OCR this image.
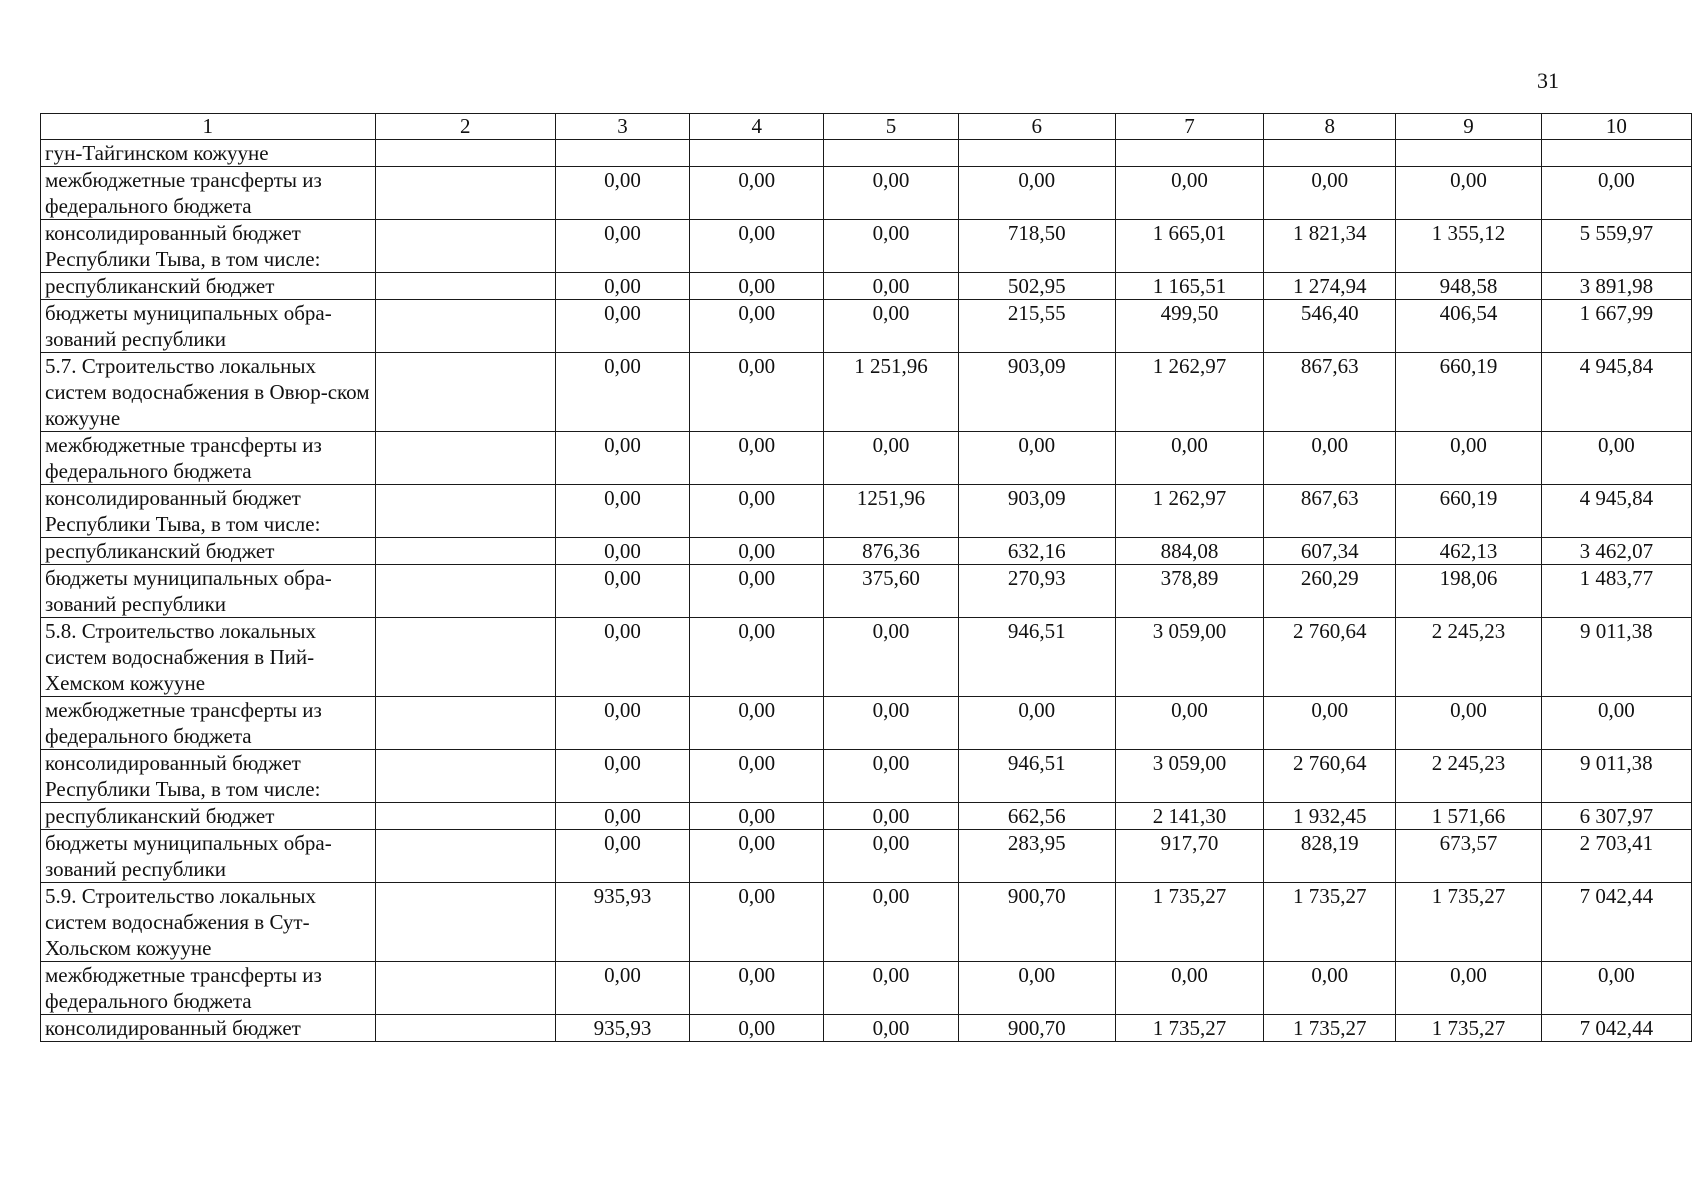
31
1	2	3	4	5	6	7	8	9	10
гун-Тайгинском кожууне									
межбюджетные трансферты из федерального бюджета		0,00	0,00	0,00	0,00	0,00	0,00	0,00	0,00
консолидированный бюджет Республики Тыва, в том числе:		0,00	0,00	0,00	718,50	1 665,01	1 821,34	1 355,12	5 559,97
республиканский бюджет		0,00	0,00	0,00	502,95	1 165,51	1 274,94	948,58	3 891,98
бюджеты муниципальных обра-зований республики		0,00	0,00	0,00	215,55	499,50	546,40	406,54	1 667,99
5.7. Строительство локальных систем водоснабжения в Овюр-ском кожууне		0,00	0,00	1 251,96	903,09	1 262,97	867,63	660,19	4 945,84
межбюджетные трансферты из федерального бюджета		0,00	0,00	0,00	0,00	0,00	0,00	0,00	0,00
консолидированный бюджет Республики Тыва, в том числе:		0,00	0,00	1251,96	903,09	1 262,97	867,63	660,19	4 945,84
республиканский бюджет		0,00	0,00	876,36	632,16	884,08	607,34	462,13	3 462,07
бюджеты муниципальных обра-зований республики		0,00	0,00	375,60	270,93	378,89	260,29	198,06	1 483,77
5.8. Строительство локальных систем водоснабжения в Пий-Хемском кожууне		0,00	0,00	0,00	946,51	3 059,00	2 760,64	2 245,23	9 011,38
межбюджетные трансферты из федерального бюджета		0,00	0,00	0,00	0,00	0,00	0,00	0,00	0,00
консолидированный бюджет Республики Тыва, в том числе:		0,00	0,00	0,00	946,51	3 059,00	2 760,64	2 245,23	9 011,38
республиканский бюджет		0,00	0,00	0,00	662,56	2 141,30	1 932,45	1 571,66	6 307,97
бюджеты муниципальных обра-зований республики		0,00	0,00	0,00	283,95	917,70	828,19	673,57	2 703,41
5.9. Строительство локальных систем водоснабжения в Сут-Хольском кожууне		935,93	0,00	0,00	900,70	1 735,27	1 735,27	1 735,27	7 042,44
межбюджетные трансферты из федерального бюджета		0,00	0,00	0,00	0,00	0,00	0,00	0,00	0,00
консолидированный бюджет		935,93	0,00	0,00	900,70	1 735,27	1 735,27	1 735,27	7 042,44
